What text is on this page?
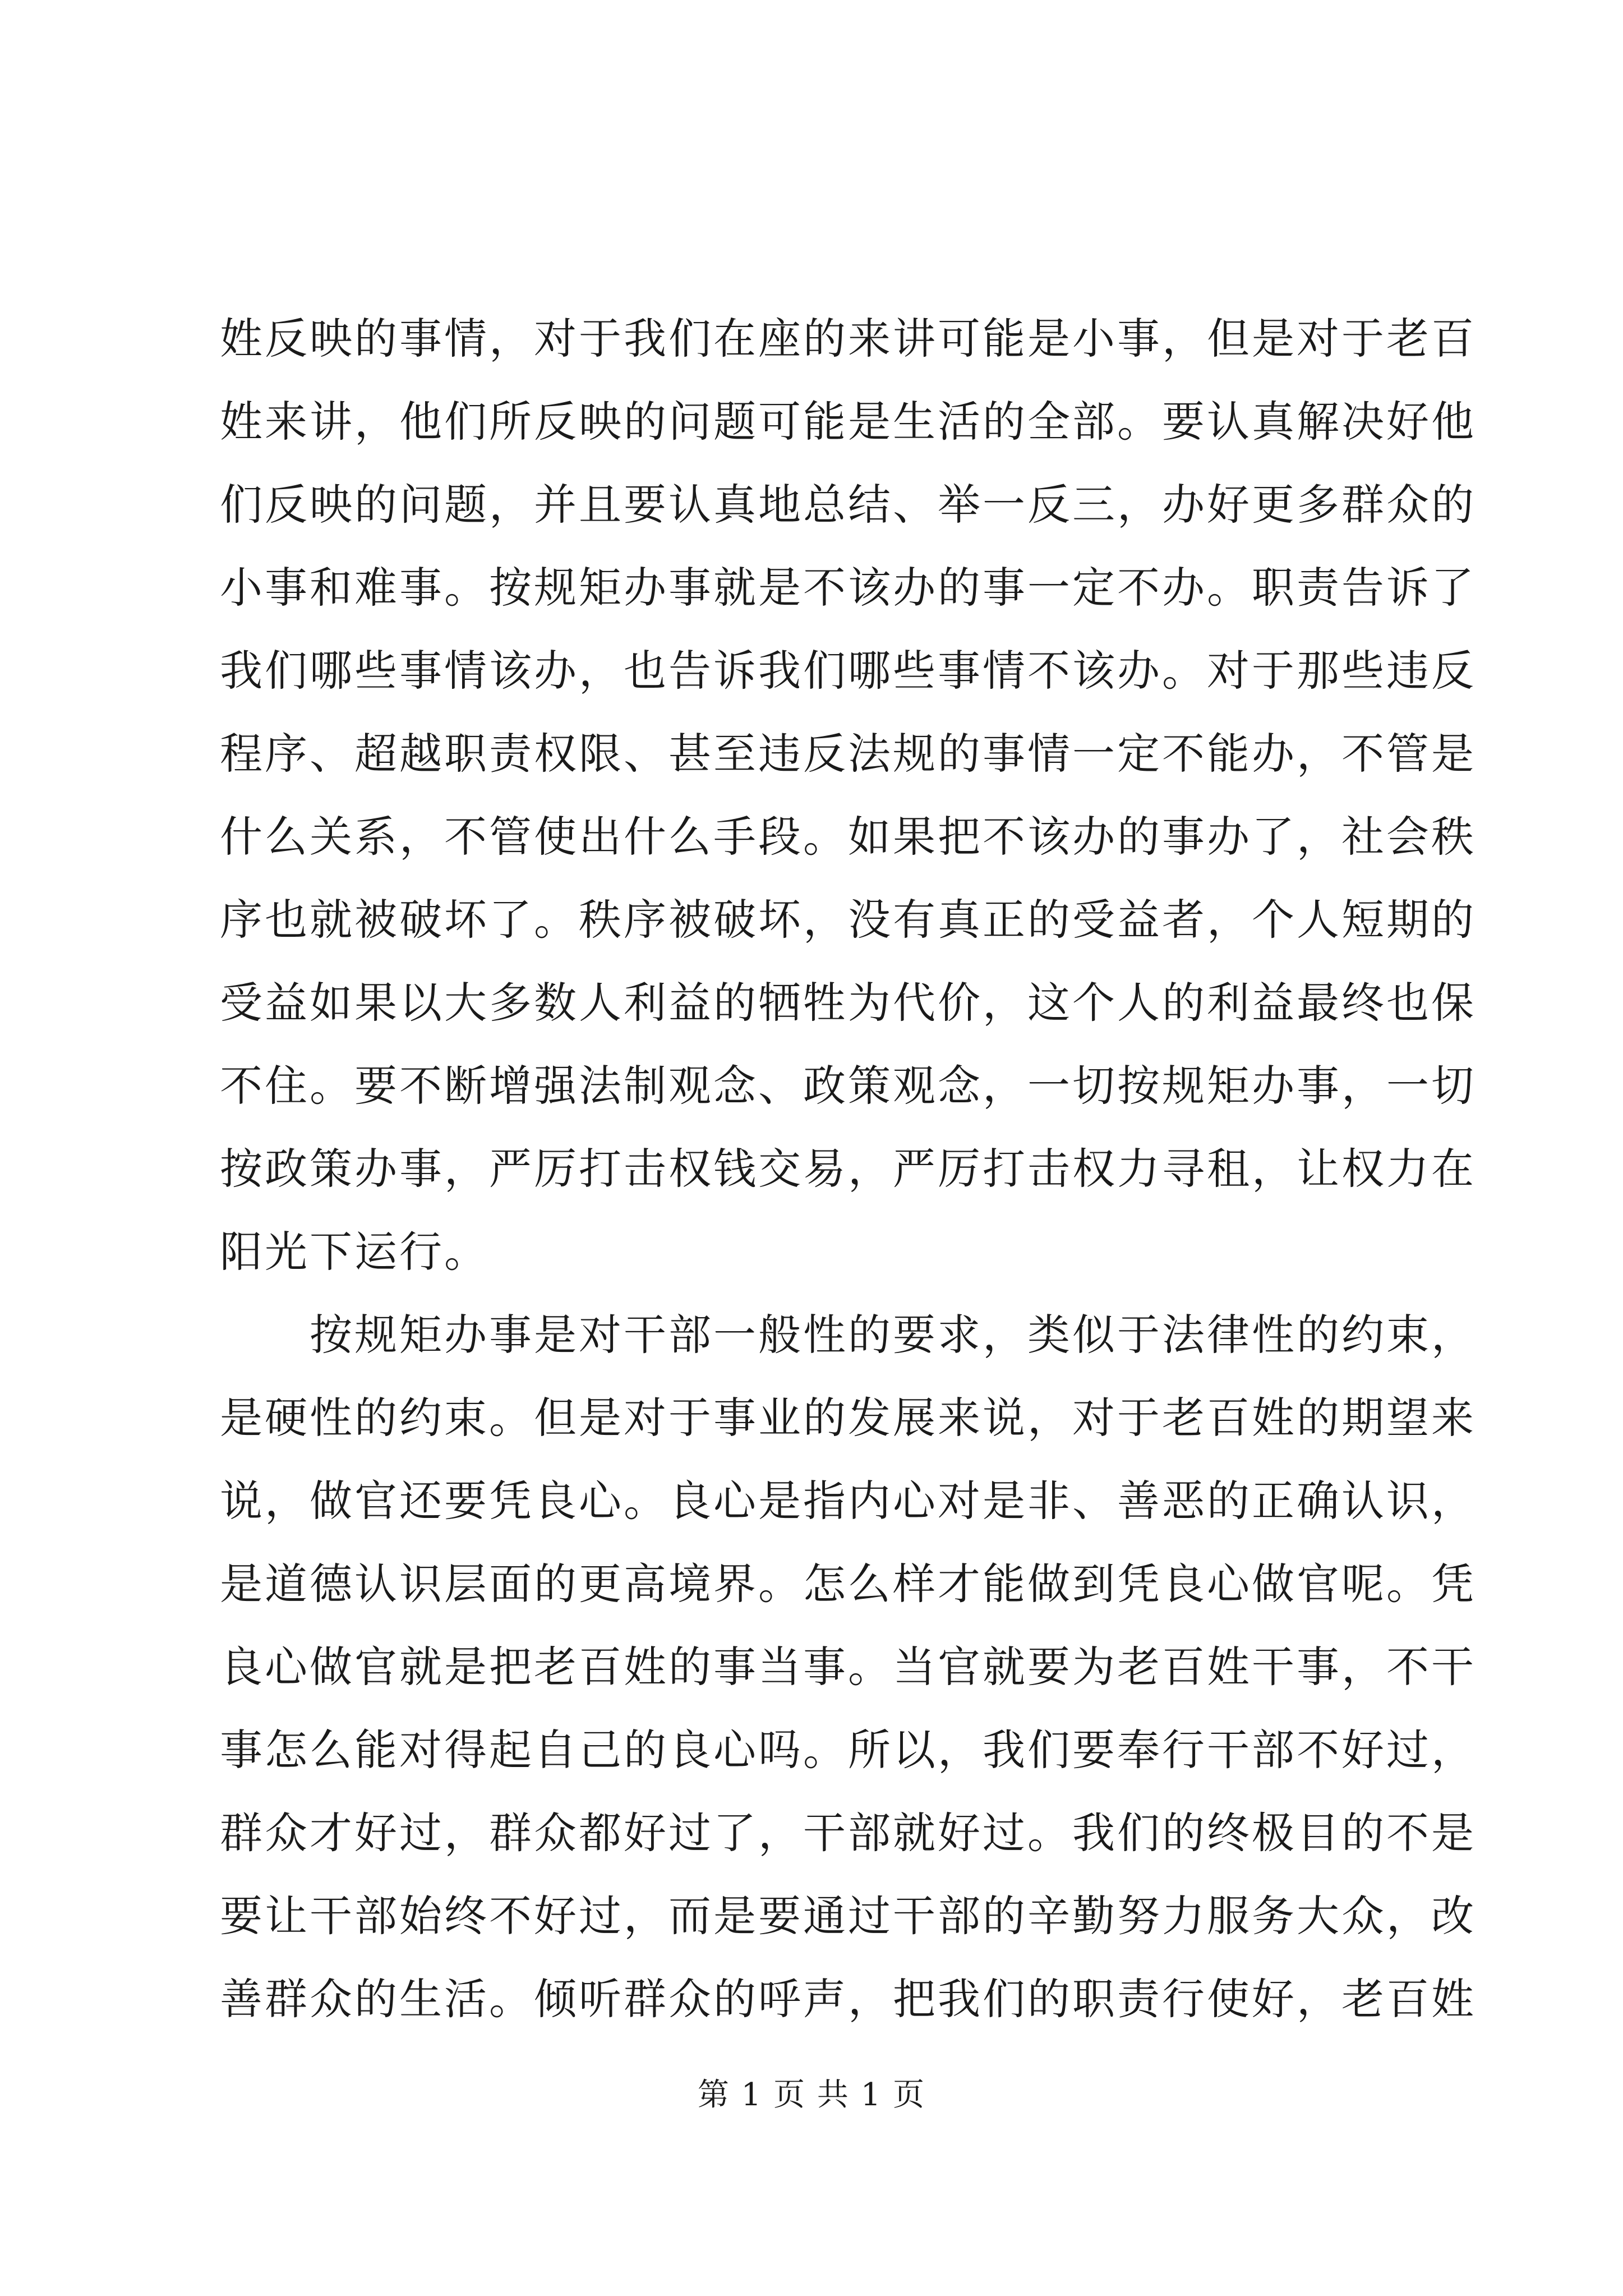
姓反映的事情，对于我们在座的来讲可能是小事，但是对于老百
姓来讲，他们所反映的问题可能是生活的全部。要认真解决好他
们反映的问题，并且要认真地总结、举一反三，办好更多群众的
小事和难事。按规矩办事就是不该办的事一定不办。职责告诉了
我们哪些事情该办，也告诉我们哪些事情不该办。对于那些违反
程序、超越职责权限、甚至违反法规的事情一定不能办，不管是
什么关系，不管使出什么手段。如果把不该办的事办了，社会秩
序也就被破坏了。秩序被破坏，没有真正的受益者，个人短期的
受益如果以大多数人利益的牺牲为代价，这个人的利益最终也保
不住。要不断增强法制观念、政策观念，一切按规矩办事，一切
按政策办事，严厉打击权钱交易，严厉打击权力寻租，让权力在
阳光下运行。
　　按规矩办事是对干部一般性的要求，类似于法律性的约束，
是硬性的约束。但是对于事业的发展来说，对于老百姓的期望来
说，做官还要凭良心。良心是指内心对是非、善恶的正确认识，
是道德认识层面的更高境界。怎么样才能做到凭良心做官呢。凭
良心做官就是把老百姓的事当事。当官就要为老百姓干事，不干
事怎么能对得起自己的良心吗。所以，我们要奉行干部不好过，
群众才好过，群众都好过了，干部就好过。我们的终极目的不是
要让干部始终不好过，而是要通过干部的辛勤努力服务大众，改
善群众的生活。倾听群众的呼声，把我们的职责行使好，老百姓
第 1 页 共 1 页
